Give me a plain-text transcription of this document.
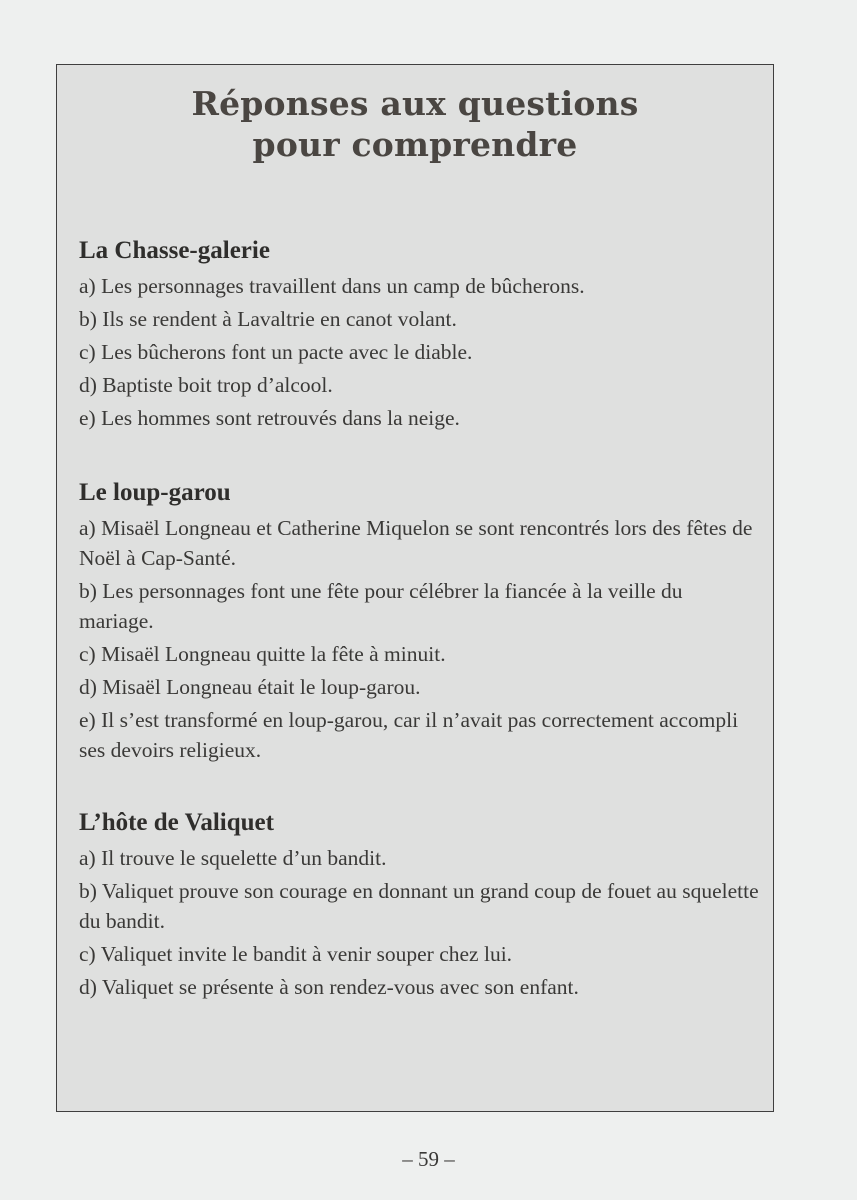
Réponses aux questions
pour comprendre
La Chasse-galerie
a) Les personnages travaillent dans un camp de bûcherons.
b) Ils se rendent à Lavaltrie en canot volant.
c) Les bûcherons font un pacte avec le diable.
d) Baptiste boit trop d’alcool.
e) Les hommes sont retrouvés dans la neige.
Le loup-garou
a) Misaël Longneau et Catherine Miquelon se sont rencontrés lors des fêtes de Noël à Cap-Santé.
b) Les personnages font une fête pour célébrer la fiancée à la veille du mariage.
c) Misaël Longneau quitte la fête à minuit.
d) Misaël Longneau était le loup-garou.
e) Il s’est transformé en loup-garou, car il n’avait pas correctement accompli ses devoirs religieux.
L’hôte de Valiquet
a) Il trouve le squelette d’un bandit.
b) Valiquet prouve son courage en donnant un grand coup de fouet au squelette du bandit.
c) Valiquet invite le bandit à venir souper chez lui.
d) Valiquet se présente à son rendez-vous avec son enfant.
– 59 –
